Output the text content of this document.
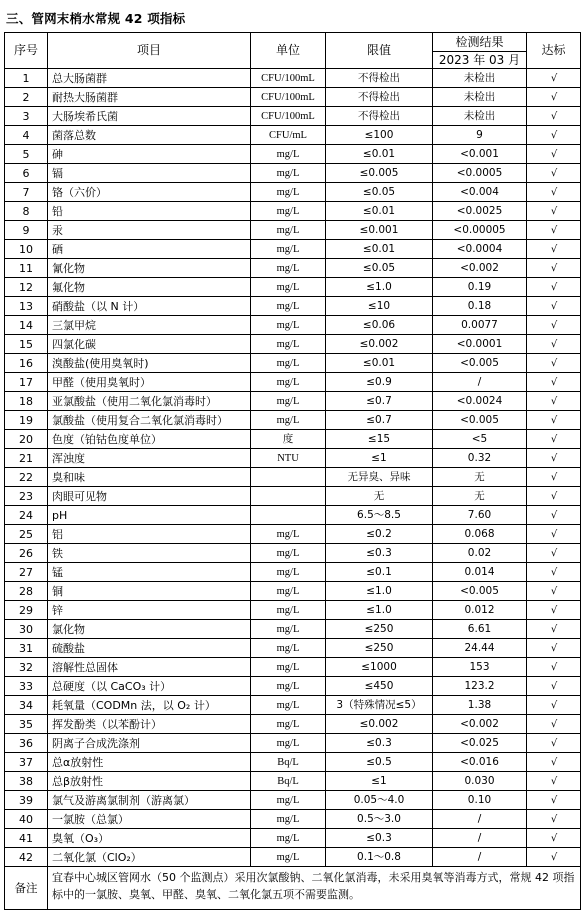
三、管网末梢水常规 42 项指标
序号	项目	单位	限值	检测结果	达标
				2023 年 03 月	
1	总大肠菌群	CFU/100mL	不得检出	未检出	√
2	耐热大肠菌群	CFU/100mL	不得检出	未检出	√
3	大肠埃希氏菌	CFU/100mL	不得检出	未检出	√
4	菌落总数	CFU/mL	≤100	9	√
5	砷	mg/L	≤0.01	<0.001	√
6	镉	mg/L	≤0.005	<0.0005	√
7	铬（六价）	mg/L	≤0.05	<0.004	√
8	铅	mg/L	≤0.01	<0.0025	√
9	汞	mg/L	≤0.001	<0.00005	√
10	硒	mg/L	≤0.01	<0.0004	√
11	氰化物	mg/L	≤0.05	<0.002	√
12	氟化物	mg/L	≤1.0	0.19	√
13	硝酸盐（以 N 计）	mg/L	≤10	0.18	√
14	三氯甲烷	mg/L	≤0.06	0.0077	√
15	四氯化碳	mg/L	≤0.002	<0.0001	√
16	溴酸盐(使用臭氧时)	mg/L	≤0.01	<0.005	√
17	甲醛（使用臭氧时）	mg/L	≤0.9	/	√
18	亚氯酸盐（使用二氧化氯消毒时）	mg/L	≤0.7	<0.0024	√
19	氯酸盐（使用复合二氧化氯消毒时）	mg/L	≤0.7	<0.005	√
20	色度（铂钴色度单位）	度	≤15	<5	√
21	浑浊度	NTU	≤1	0.32	√
22	臭和味		无异臭、异味	无	√
23	肉眼可见物		无	无	√
24	pH		6.5～8.5	7.60	√
25	铝	mg/L	≤0.2	0.068	√
26	铁	mg/L	≤0.3	0.02	√
27	锰	mg/L	≤0.1	0.014	√
28	铜	mg/L	≤1.0	<0.005	√
29	锌	mg/L	≤1.0	0.012	√
30	氯化物	mg/L	≤250	6.61	√
31	硫酸盐	mg/L	≤250	24.44	√
32	溶解性总固体	mg/L	≤1000	153	√
33	总硬度（以 CaCO₃ 计）	mg/L	≤450	123.2	√
34	耗氧量（CODMn 法，以 O₂ 计）	mg/L	3（特殊情况≤5）	1.38	√
35	挥发酚类（以苯酚计）	mg/L	≤0.002	<0.002	√
36	阴离子合成洗涤剂	mg/L	≤0.3	<0.025	√
37	总α放射性	Bq/L	≤0.5	<0.016	√
38	总β放射性	Bq/L	≤1	0.030	√
39	氯气及游离氯制剂（游离氯）	mg/L	0.05～4.0	0.10	√
40	一氯胺（总氯）	mg/L	0.5～3.0	/	√
41	臭氧（O₃）	mg/L	≤0.3	/	√
42	二氧化氯（ClO₂）	mg/L	0.1～0.8	/	√
备注	宜春中心城区管网水（50 个监测点）采用次氯酸钠、二氧化氯消毒，未采用臭氧等消毒方式，常规 42 项指标中的一氯胺、臭氧、甲醛、臭氧、二氧化氯五项不需要监测。				
